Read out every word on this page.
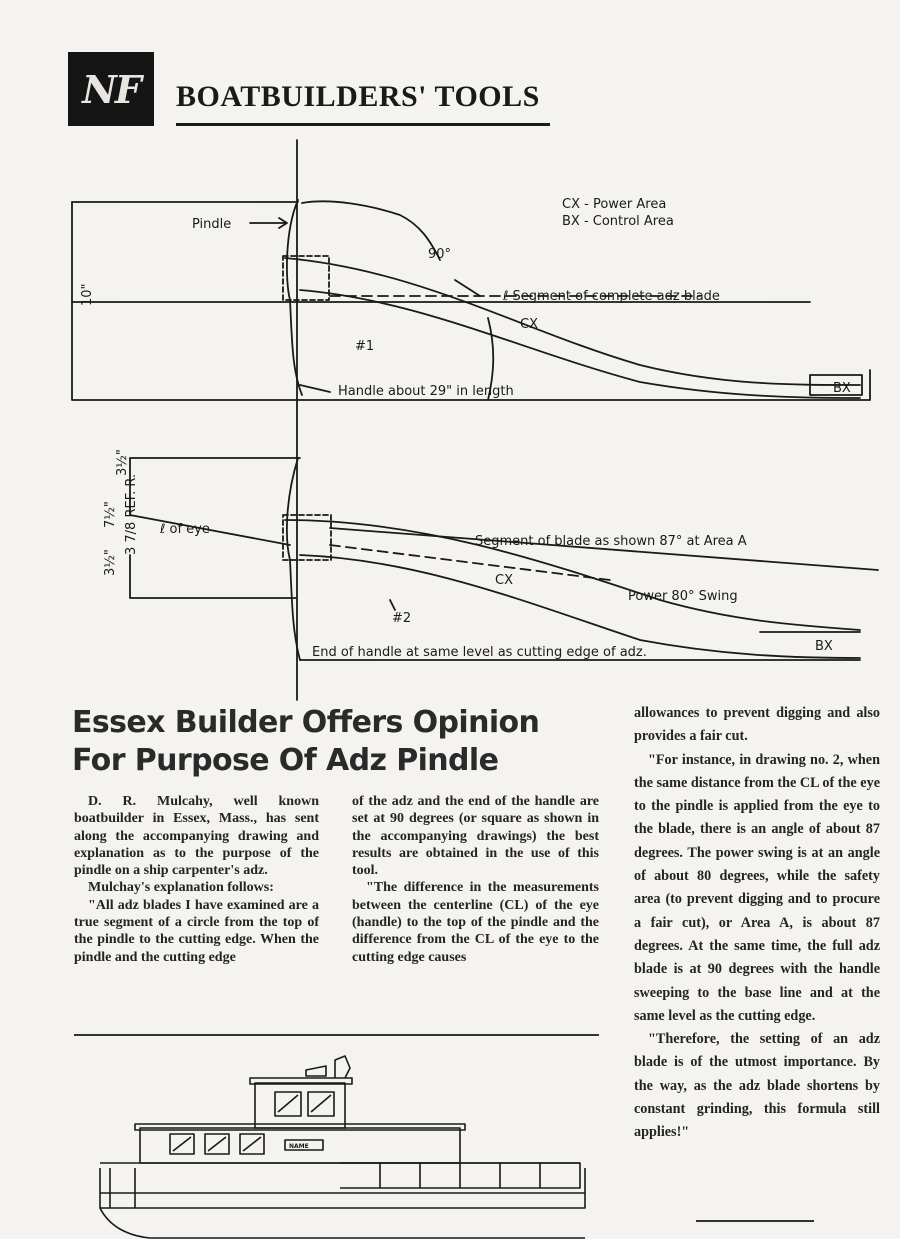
NF BOATBUILDERS' TOOLS
Pindle
90°
CX - Power Area
BX - Control Area
ℓ Segment of complete adz blade
CX
#1
10"
Handle about 29" in length	BX
3 7/8 REF. R.
3½"
7½"
3½"
ℓ of eye
Segment of blade as shown 87° at Area A
CX
Power 80° Swing
#2
BX
End of handle at same level as cutting edge of adz.
Essex Builder Offers Opinion
For Purpose Of Adz Pindle

D. R. Mulcahy, well known boatbuilder in Essex, Mass., has sent along the accompanying drawing and explanation as to the purpose of the pindle on a ship carpenter's adz.

Mulchay's explanation follows:

"All adz blades I have examined are a true segment of a circle from the top of the pindle to the cutting edge. When the pindle and the cutting edge

of the adz and the end of the handle are set at 90 degrees (or square as shown in the accompanying drawings) the best results are obtained in the use of this tool.

"The difference in the measurements between the centerline (CL) of the eye (handle) to the top of the pindle and the difference from the CL of the eye to the cutting edge causes

allowances to prevent digging and also provides a fair cut.

"For instance, in drawing no. 2, when the same distance from the CL of the eye to the pindle is applied from the eye to the blade, there is an angle of about 87 degrees. The power swing is at an angle of about 80 degrees, while the safety area (to prevent digging and to procure a fair cut), or Area A, is about 87 degrees. At the same time, the full adz blade is at 90 degrees with the handle sweeping to the base line and at the same level as the cutting edge.

"Therefore, the setting of an adz blade is of the utmost importance. By the way, as the adz blade shortens by constant grinding, this formula still applies!"

NAME
